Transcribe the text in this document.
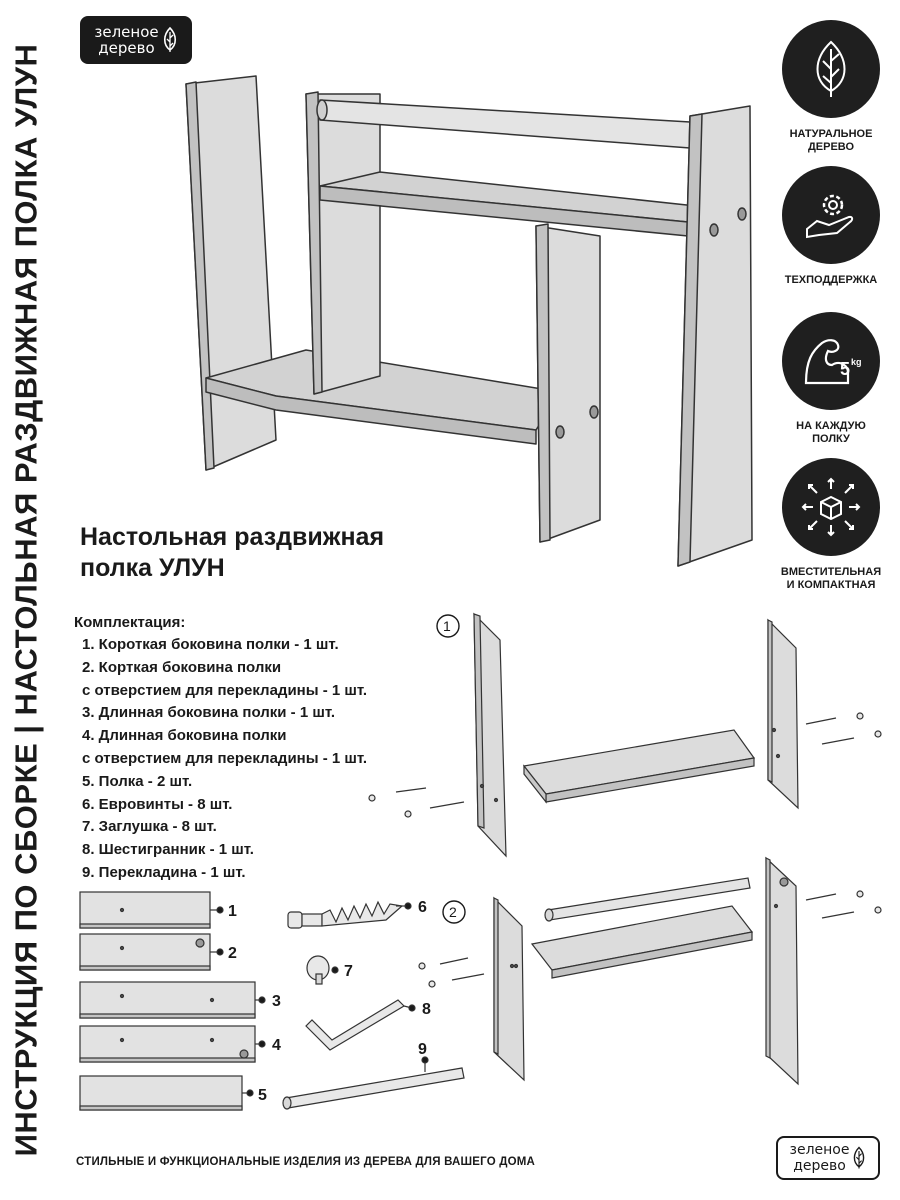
ИНСТРУКЦИЯ ПО СБОРКЕ | НАСТОЛЬНАЯ РАЗДВИЖНАЯ ПОЛКА УЛУН
зеленое
дерево
НАТУРАЛЬНОЕ
ДЕРЕВО
ТЕХПОДДЕРЖКА
5 kg
НА КАЖДУЮ
ПОЛКУ
ВМЕСТИТЕЛЬНАЯ
И КОМПАКТНАЯ
Настольная раздвижная
полка УЛУН
Комплектация:
1. Короткая боковина полки - 1 шт.
2. Корткая боковина полки
с отверстием для перекладины - 1 шт.
3. Длинная боковина полки - 1 шт.
4. Длинная боковина полки
с отверстием для перекладины - 1 шт.
5. Полка - 2 шт.
6. Евровинты - 8 шт.
7. Заглушка - 8 шт.
8. Шестигранник - 1 шт.
9. Перекладина - 1 шт.
1
2
3
4
5
6
7
8
9
1
2
СТИЛЬНЫЕ И ФУНКЦИОНАЛЬНЫЕ ИЗДЕЛИЯ ИЗ ДЕРЕВА ДЛЯ ВАШЕГО ДОМА
зеленое
дерево
